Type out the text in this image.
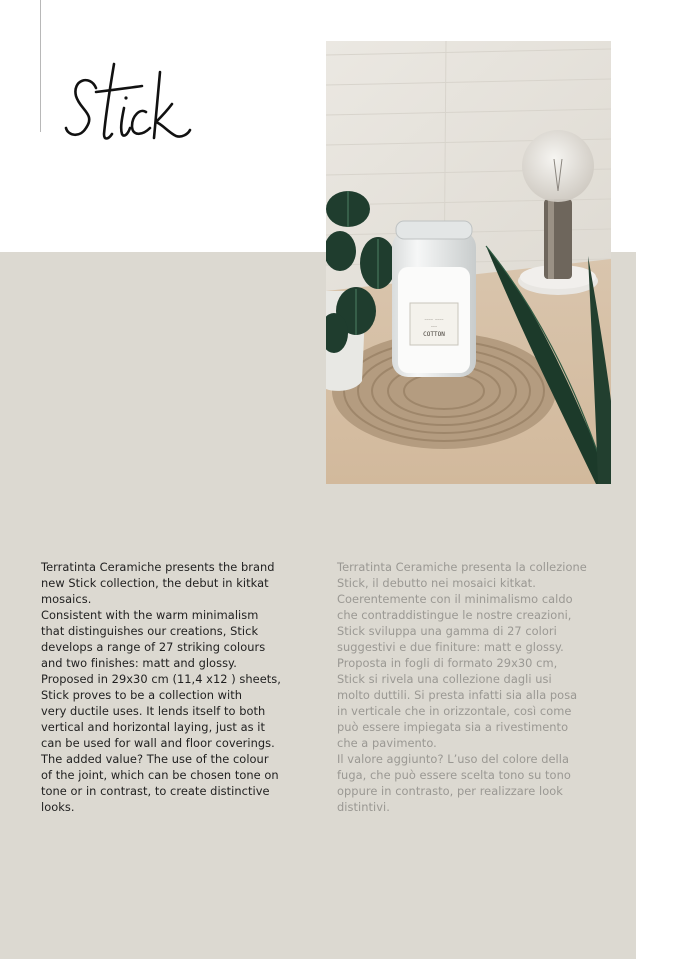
~~~~ ~~~~
~~~
COTTON

Terratinta Ceramiche presents the brand
new Stick collection, the debut in kitkat
mosaics.

Consistent with the warm minimalism
that distinguishes our creations, Stick
develops a range of 27 striking colours
and two finishes: matt and glossy.
Proposed in 29x30 cm (11,4 x12 ) sheets,
Stick proves to be a collection with
very ductile uses. It lends itself to both
vertical and horizontal laying, just as it
can be used for wall and floor coverings.

The added value? The use of the colour
of the joint, which can be chosen tone on
tone or in contrast, to create distinctive
looks.

Terratinta Ceramiche presenta la collezione
Stick, il debutto nei mosaici kitkat.

Coerentemente con il minimalismo caldo
che contraddistingue le nostre creazioni,
Stick sviluppa una gamma di 27 colori
suggestivi e due finiture: matt e glossy.
Proposta in fogli di formato 29x30 cm,
Stick si rivela una collezione dagli usi
molto duttili. Si presta infatti sia alla posa
in verticale che in orizzontale, così come
può essere impiegata sia a rivestimento
che a pavimento.

Il valore aggiunto? L’uso del colore della
fuga, che può essere scelta tono su tono
oppure in contrasto, per realizzare look
distintivi.
